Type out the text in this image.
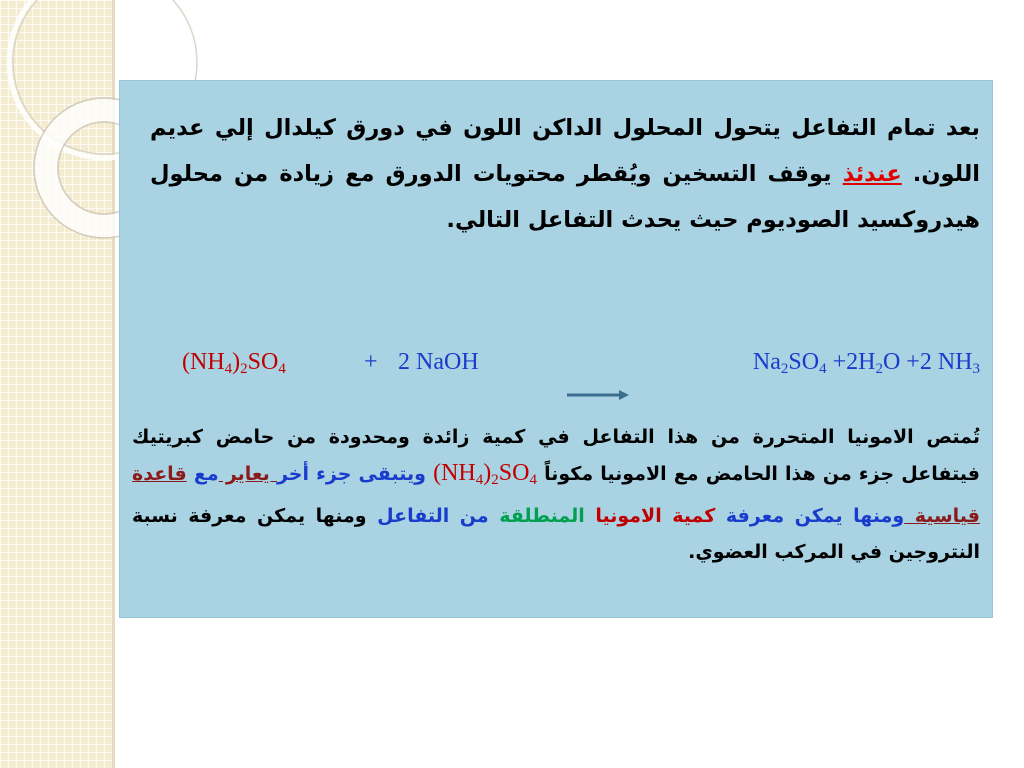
بعد تمام التفاعل يتحول المحلول الداكن اللون في دورق كيلدال إلي عديم اللون. عندئذ يوقف التسخين ويُقطر محتويات الدورق مع زيادة من محلول هيدروكسيد الصوديوم حيث يحدث التفاعل التالي.
$(NH_4)_2SO_4$	+ 2 NaOH	$Na_2SO_4 +2H_2O +2$ $NH_3$
تُمتص الامونيا المتحررة من هذا التفاعل في كمية زائدة ومحدودة من حامض كبريتيك فيتفاعل جزء من هذا الحامض مع الامونيا مكوناً $(NH_4)_2SO_4$ ويتبقى جزء أخر يعاير مع قاعدة قياسية ومنها يمكن معرفة كمية الامونيا المنطلقة من التفاعل ومنها يمكن معرفة نسبة النتروجين في المركب العضوي.
